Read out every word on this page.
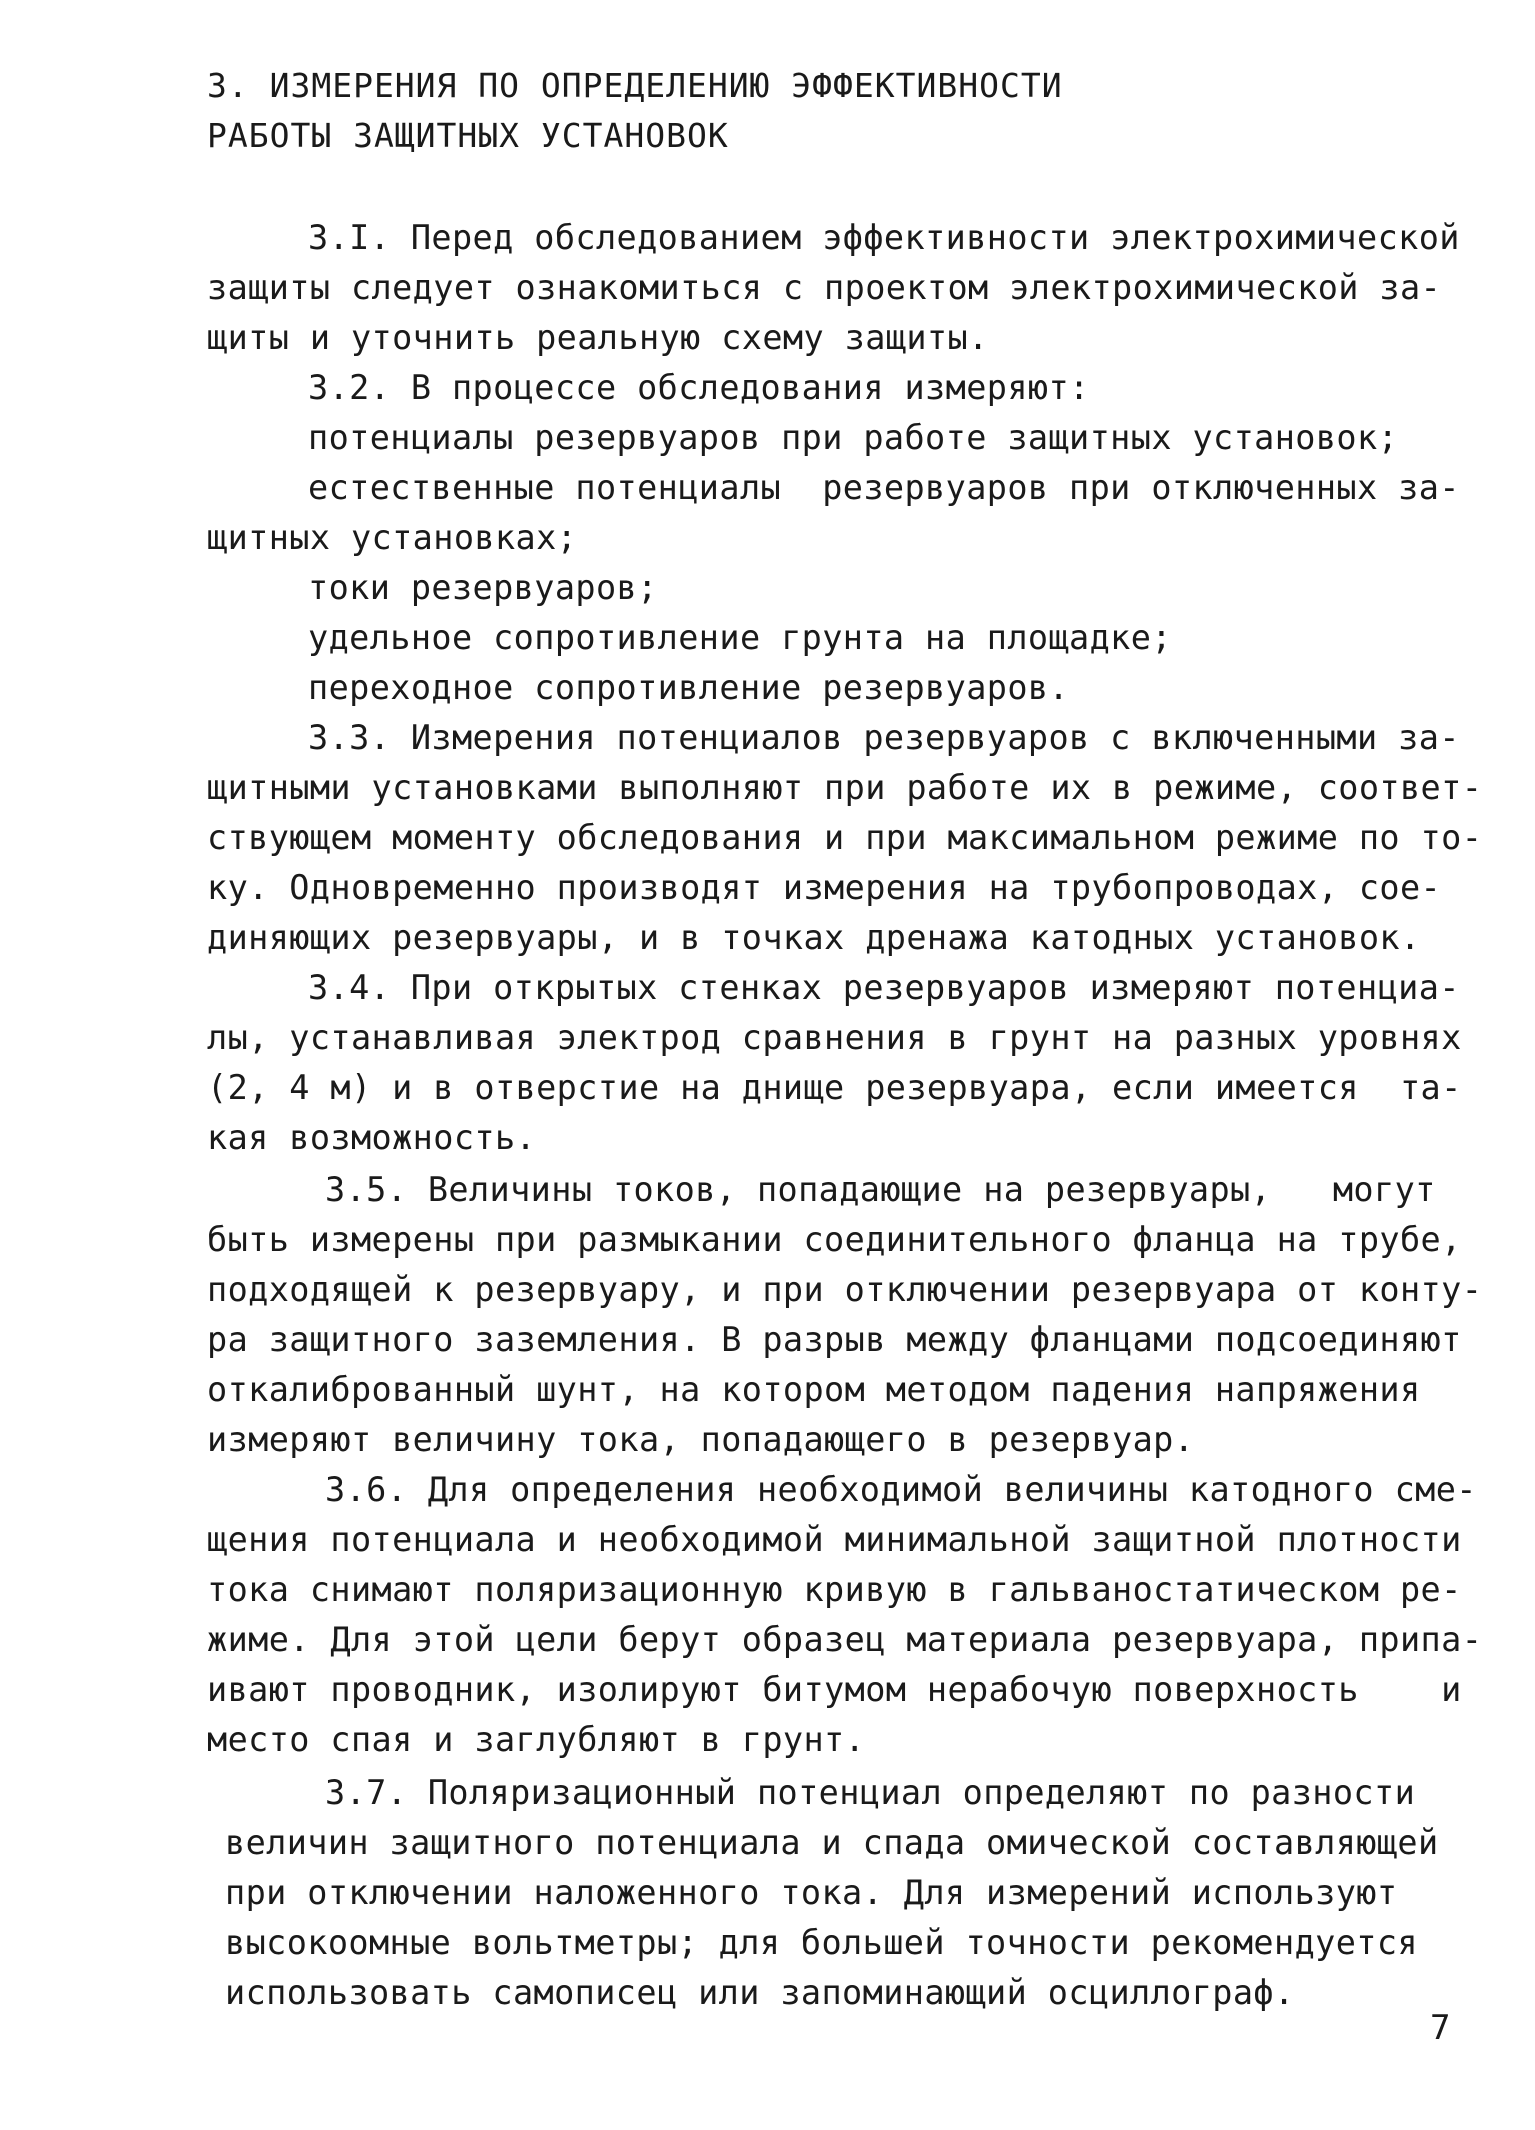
3. ИЗМЕРЕНИЯ ПО ОПРЕДЕЛЕНИЮ ЭФФЕКТИВНОСТИ
РАБОТЫ ЗАЩИТНЫХ УСТАНОВОК
3.I. Перед обследованием эффективности электрохимической
защиты следует ознакомиться с проектом электрохимической за-
щиты и уточнить реальную схему защиты.
3.2. В процессе обследования измеряют:
потенциалы резервуаров при работе защитных установок;
естественные потенциалы  резервуаров при отключенных за-
щитных установках;
токи резервуаров;
удельное сопротивление грунта на площадке;
переходное сопротивление резервуаров.
3.3. Измерения потенциалов резервуаров с включенными за-
щитными установками выполняют при работе их в режиме, соответ-
ствующем моменту обследования и при максимальном режиме по то-
ку. Одновременно производят измерения на трубопроводах, сое-
диняющих резервуары, и в точках дренажа катодных установок.
3.4. При открытых стенках резервуаров измеряют потенциа-
лы, устанавливая электрод сравнения в грунт на разных уровнях
(2, 4 м) и в отверстие на днище резервуара, если имеется  та-
кая возможность.
3.5. Величины токов, попадающие на резервуары,   могут
быть измерены при размыкании соединительного фланца на трубе,
подходящей к резервуару, и при отключении резервуара от конту-
ра защитного заземления. В разрыв между фланцами подсоединяют
откалиброванный шунт, на котором методом падения напряжения
измеряют величину тока, попадающего в резервуар.
3.6. Для определения необходимой величины катодного сме-
щения потенциала и необходимой минимальной защитной плотности
тока снимают поляризационную кривую в гальваностатическом ре-
жиме. Для этой цели берут образец материала резервуара, припа-
ивают проводник, изолируют битумом нерабочую поверхность    и
место спая и заглубляют в грунт.
3.7. Поляризационный потенциал определяют по разности
величин защитного потенциала и спада омической составляющей
при отключении наложенного тока. Для измерений используют
высокоомные вольтметры; для большей точности рекомендуется
использовать самописец или запоминающий осциллограф.
7
